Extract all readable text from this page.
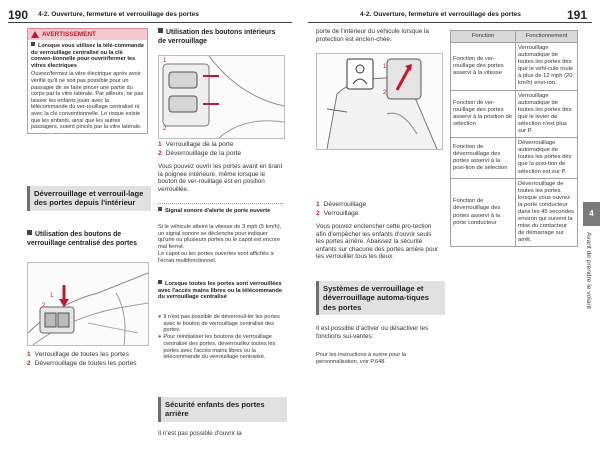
190 4-2. Ouverture, fermeture et verrouillage des portes	4-2. Ouverture, fermeture et verrouillage des portes	191
AVERTISSEMENT
Lorsque vous utilisez la télé-commande du verrouillage centralisé ou la clé conven-tionnelle pour ouvrir/fermer les vitres électriques
Ouvrez/fermez la vitre électrique après avoir vérifié qu'il ne soit pas possible pour un passager de se faire pincer une partie du corps par la vitre latérale. Par ailleurs, ne pas laisser les enfants jouer avec la télécommande du ver-rouillage centralisé ni avec la clé conventionnelle. Le risque existe que les enfants, ainsi que les autres passagers, soient pincés par la vitre latérale.
Déverrouillage et verrouil-lage des portes depuis l'intérieur
Utilisation des boutons de verrouillage centralisé des portes
1
2
1 Verrouillage de toutes les portes
2 Déverrouillage de toutes les portes
Utilisation des boutons intérieurs de verrouillage
1
2
1 Verrouillage de la porte
2 Déverrouillage de la porte
Vous pouvez ouvrir les portes avant en tirant la poignée intérieure, même lorsque le bouton de ver-rouillage est en position verrouillée.
Signal sonore d'alerte de porte ouverte
Si le véhicule atteint la vitesse de 3 mph (5 km/h), un signal sonore se déclenche pour indiquer qu'une ou plusieurs portes ou le capot est encore mal fermé.
Le capot ou les portes ouvertes sont affichés à l'écran multifonctionnel.
Lorsque toutes les portes sont verrouillées avec l'accès mains libres ou la télécommande du verrouillage centralisé
● Il n'est pas possible de déverrouil-ler les portes avec le bouton de verrouillage centralisé des portes.
● Pour réinitialiser les boutons de verrouillage centralisé des portes, déverrouillez toutes les portes avec l'accès mains libres ou la télécommande du verrouillage centralisé.
Sécurité enfants des portes arrière
Il n'est pas possible d'ouvrir la
porte de l'intérieur du véhicule lorsque la protection est enclen-chée.
1
2
1 Déverrouillage
2 Verrouillage
Vous pouvez enclencher cette pro-tection afin d'empêcher les enfants d'ouvrir seuls les portes arrière. Abaissez la sécurité enfants sur chacune des portes arrière pour les verrouiller tous les deux.
Systèmes de verrouillage et déverrouillage automa-tiques des portes
Il est possible d'activer ou désactiver les fonctions sui-vantes:
Pour les instructions à suivre pour la personnalisation, voir P.648.
Fonction	Fonctionnement
Fonction de ver-rouillage des portes asservi à la vitesse	Verrouillage automatique de toutes les portes dès que le véhi-cule roule à plus de 12 mph (20 km/h) envi-ron.
Fonction de ver-rouillage des portes asservi à la position de sélection	Verrouillage automatique de toutes les portes dès que le levier de sélection n'est plus sur P.
Fonction de déverrouillage des portes asservi à la posi-tion de sélection	Déverrouillage automatique de toutes les portes dès que la posi-tion de sélection est sur P.
Fonction de déverrouillage des portes asservi à la porte conducteur	Déverrouillage de toutes les portes lorsque vous ouvrez la porte conducteur dans les 45 secondes environ qui suivent la mise du contacteur de démarrage sur arrêt.
4
Avant de prendre le volant
